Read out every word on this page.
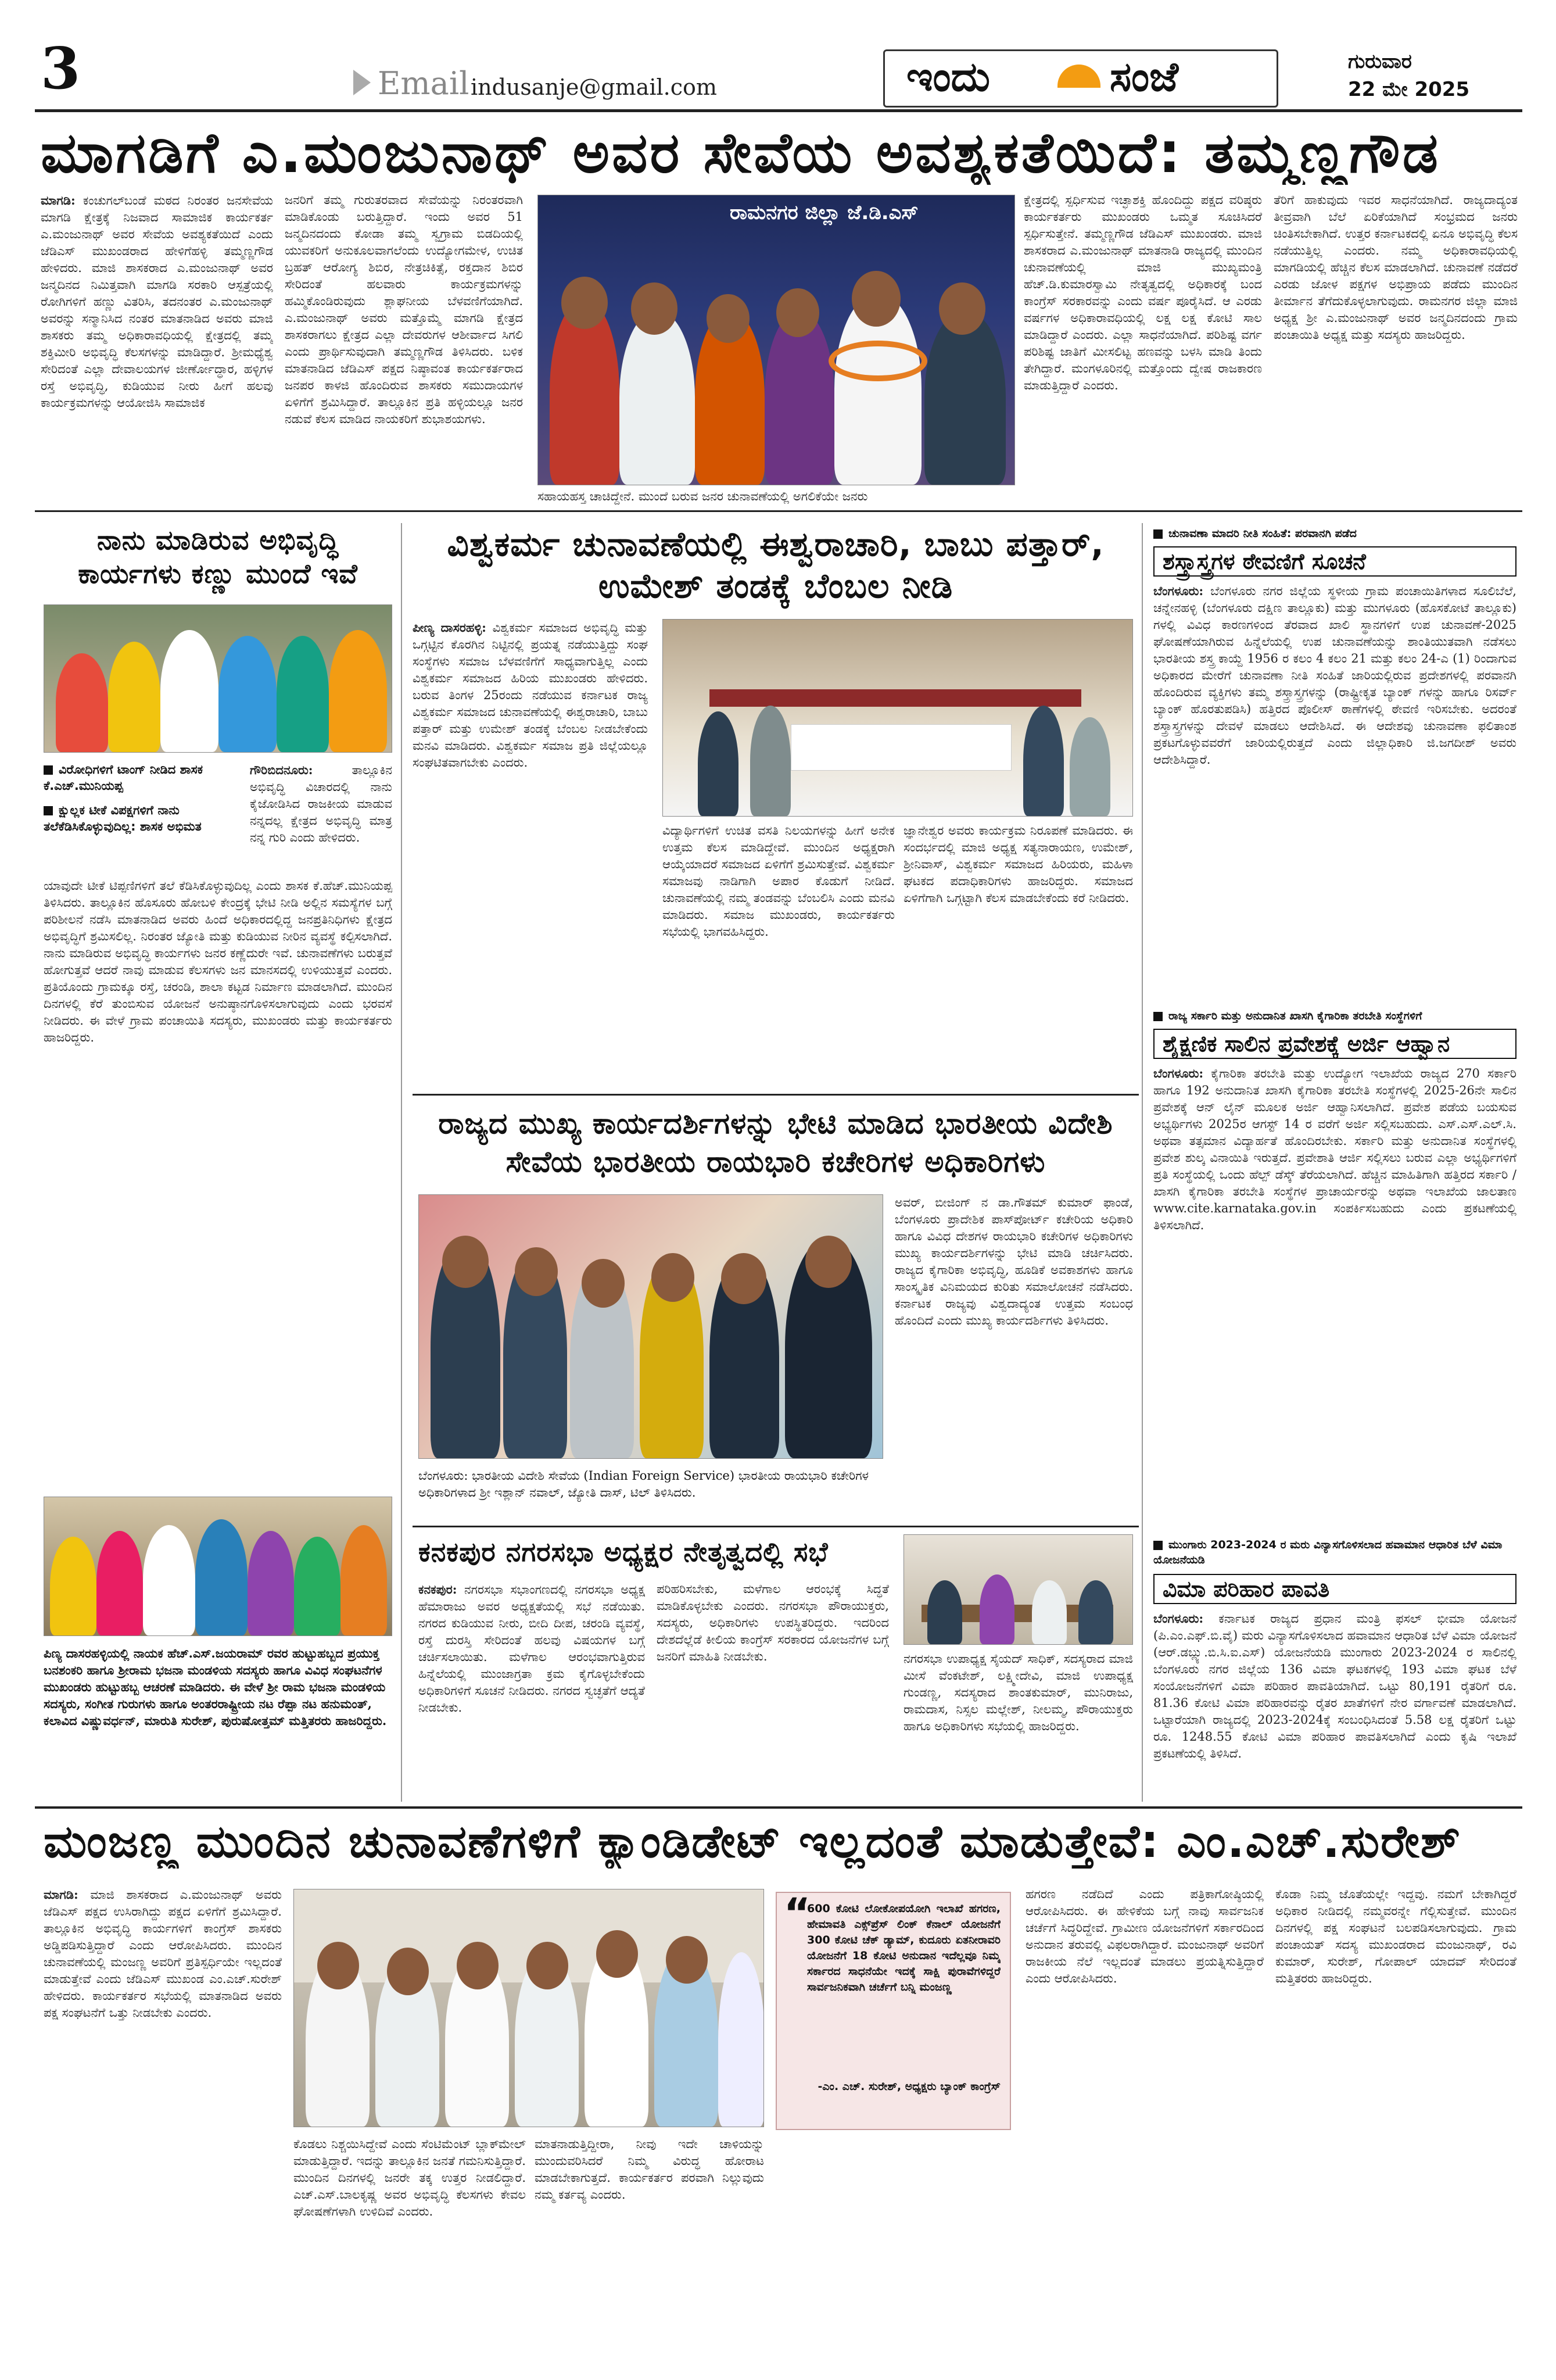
3	Email indusanje@gmail.com	ಇಂದು	ಸಂಜೆ	ಗುರುವಾರ
22 ಮೇ 2025
ಮಾಗಡಿಗೆ ಎ.ಮಂಜುನಾಥ್ ಅವರ ಸೇವೆಯ ಅವಶ್ಯಕತೆಯಿದೆ: ತಮ್ಮಣ್ಣಗೌಡ
ಮಾಗಡಿ: ಕಂಚುಗಲ್‍ಬಂಡೆ ಮಠದ ನಿರಂತರ ಜನಸೇವೆಯ ಮಾಗಡಿ ಕ್ಷೇತ್ರಕ್ಕೆ ನಿಜವಾದ ಸಾಮಾಜಿಕ ಕಾರ್ಯಕರ್ತ ಎ.ಮಂಜುನಾಥ್ ಅವರ ಸೇವೆಯ ಅವಶ್ಯಕತೆಯಿದೆ ಎಂದು ಜೆಡಿಎಸ್ ಮುಖಂಡರಾದ ಹೇಳಿಗೆಹಳ್ಳಿ ತಮ್ಮಣ್ಣಗೌಡ ಹೇಳಿದರು. ಮಾಜಿ ಶಾಸಕರಾದ ಎ.ಮಂಜುನಾಥ್ ಅವರ ಜನ್ಮದಿನದ ನಿಮಿತ್ತವಾಗಿ ಮಾಗಡಿ ಸರಕಾರಿ ಆಸ್ಪತ್ರೆಯಲ್ಲಿ ರೋಗಿಗಳಿಗೆ ಹಣ್ಣು ವಿತರಿಸಿ, ತದನಂತರ ಎ.ಮಂಜುನಾಥ್ ಅವರನ್ನು ಸನ್ಮಾನಿಸಿದ ನಂತರ ಮಾತನಾಡಿದ ಅವರು ಮಾಜಿ ಶಾಸಕರು ತಮ್ಮ ಅಧಿಕಾರಾವಧಿಯಲ್ಲಿ ಕ್ಷೇತ್ರದಲ್ಲಿ ತಮ್ಮ ಶಕ್ತಿಮೀರಿ ಅಭಿವೃದ್ಧಿ ಕೆಲಸಗಳನ್ನು ಮಾಡಿದ್ದಾರೆ. ಶ್ರೀಮಧ್ಯೆಶ್ವ ಸೇರಿದಂತೆ ಎಲ್ಲಾ ದೇವಾಲಯಗಳ ಜೀರ್ಣೋದ್ಧಾರ, ಹಳ್ಳಿಗಳ ರಸ್ತೆ ಅಭಿವೃದ್ಧಿ, ಕುಡಿಯುವ ನೀರು ಹೀಗೆ ಹಲವು ಕಾರ್ಯಕ್ರಮಗಳನ್ನು ಆಯೋಜಿಸಿ ಸಾಮಾಜಿಕ
ಜನರಿಗೆ ತಮ್ಮ ಗುರುತರವಾದ ಸೇವೆಯನ್ನು ನಿರಂತರವಾಗಿ ಮಾಡಿಕೊಂಡು ಬರುತ್ತಿದ್ದಾರೆ. ಇಂದು ಅವರ 51 ಜನ್ಮದಿನದಂದು ಕೋಡಾ ತಮ್ಮ ಸ್ವಗ್ರಾಮ ಬಿಡದಿಯಲ್ಲಿ ಯುವಕರಿಗೆ ಅನುಕೂಲವಾಗಲೆಂದು ಉದ್ಯೋಗಮೇಳ, ಉಚಿತ ಬ್ರಹತ್ ಆರೋಗ್ಯ ಶಿಬಿರ, ನೇತ್ರಚಿಕಿತ್ಸೆ, ರಕ್ತದಾನ ಶಿಬಿರ ಸೇರಿದಂತೆ ಹಲವಾರು ಕಾರ್ಯಕ್ರಮಗಳನ್ನು ಹಮ್ಮಿಕೊಂಡಿರುವುದು ಶ್ಲಾಘನೀಯ ಬೆಳವಣಿಗೆಯಾಗಿದೆ. ಎ.ಮಂಜುನಾಥ್ ಅವರು ಮತ್ತೊಮ್ಮೆ ಮಾಗಡಿ ಕ್ಷೇತ್ರದ ಶಾಸಕರಾಗಲು ಕ್ಷೇತ್ರದ ಎಲ್ಲಾ ದೇವರುಗಳ ಆಶೀರ್ವಾದ ಸಿಗಲಿ ಎಂದು ಪ್ರಾರ್ಥಿಸುವುದಾಗಿ ತಮ್ಮಣ್ಣಗೌಡ ತಿಳಿಸಿದರು. ಬಳಿಕ ಮಾತನಾಡಿದ ಜೆಡಿಎಸ್ ಪಕ್ಷದ ನಿಷ್ಠಾವಂತ ಕಾರ್ಯಕರ್ತರಾದ ಜನಪರ ಕಾಳಜಿ ಹೊಂದಿರುವ ಶಾಸಕರು ಸಮುದಾಯಗಳ ಏಳಿಗೆಗೆ ಶ್ರಮಿಸಿದ್ದಾರೆ. ತಾಲ್ಲೂಕಿನ ಪ್ರತಿ ಹಳ್ಳಿಯಲ್ಲೂ ಜನರ ನಡುವೆ ಕೆಲಸ ಮಾಡಿದ ನಾಯಕರಿಗೆ ಶುಭಾಶಯಗಳು.
ರಾಮನಗರ ಜಿಲ್ಲಾ ಜೆ.ಡಿ.ಎಸ್
ಸಹಾಯಹಸ್ತ ಚಾಚಿದ್ದೇನೆ. ಮುಂದೆ ಬರುವ ಜನರ ಚುನಾವಣೆಯಲ್ಲಿ ಅಗಲಿಕೆಯೇ ಜನರು
ಕ್ಷೇತ್ರದಲ್ಲಿ ಸ್ಪರ್ಧಿಸುವ ಇಚ್ಛಾಶಕ್ತಿ ಹೊಂದಿದ್ದು ಪಕ್ಷದ ವರಿಷ್ಠರು ಕಾರ್ಯಕರ್ತರು ಮುಖಂಡರು ಒಮ್ಮತ ಸೂಚಿಸಿದರೆ ಸ್ಪರ್ಧಿಸುತ್ತೇನೆ. ತಮ್ಮಣ್ಣಗೌಡ ಜೆಡಿಎಸ್ ಮುಖಂಡರು. ಮಾಜಿ ಶಾಸಕರಾದ ಎ.ಮಂಜುನಾಥ್ ಮಾತನಾಡಿ ರಾಜ್ಯದಲ್ಲಿ ಮುಂದಿನ ಚುನಾವಣೆಯಲ್ಲಿ ಮಾಜಿ ಮುಖ್ಯಮಂತ್ರಿ ಹೆಚ್.ಡಿ.ಕುಮಾರಸ್ವಾಮಿ ನೇತೃತ್ವದಲ್ಲಿ ಅಧಿಕಾರಕ್ಕೆ ಬಂದ ಕಾಂಗ್ರೆಸ್ ಸರಕಾರವನ್ನು ಎಂದು ವರ್ಷ ಪೂರೈಸಿದೆ. ಆ ಎರಡು ವರ್ಷಗಳ ಅಧಿಕಾರಾವಧಿಯಲ್ಲಿ ಲಕ್ಷ ಲಕ್ಷ ಕೋಟಿ ಸಾಲ ಮಾಡಿದ್ದಾರೆ ಎಂದರು. ಎಲ್ಲಾ ಸಾಧನೆಯಾಗಿದೆ. ಪರಿಶಿಷ್ಟ ವರ್ಗ ಪರಿಶಿಷ್ಟ ಜಾತಿಗೆ ಮೀಸಲಿಟ್ಟ ಹಣವನ್ನು ಬಳಸಿ ಮಾಡಿ ತಿಂದು ತೇಗಿದ್ದಾರೆ. ಮಂಗಳೂರಿನಲ್ಲಿ ಮತ್ತೊಂದು ದ್ವೇಷ ರಾಜಕಾರಣ ಮಾಡುತ್ತಿದ್ದಾರೆ ಎಂದರು.
ತೆರಿಗೆ ಹಾಕುವುದು ಇವರ ಸಾಧನೆಯಾಗಿದೆ. ರಾಜ್ಯದಾದ್ಯಂತ ತೀವ್ರವಾಗಿ ಬೆಲೆ ಏರಿಕೆಯಾಗಿದೆ ಸಂಭ್ರಮದ ಜನರು ಚಿಂತಿಸಬೇಕಾಗಿದೆ. ಉತ್ತರ ಕರ್ನಾಟಕದಲ್ಲಿ ಏನೂ ಅಭಿವೃದ್ಧಿ ಕೆಲಸ ನಡೆಯುತ್ತಿಲ್ಲ ಎಂದರು. ನಮ್ಮ ಅಧಿಕಾರಾವಧಿಯಲ್ಲಿ ಮಾಗಡಿಯಲ್ಲಿ ಹೆಚ್ಚಿನ ಕೆಲಸ ಮಾಡಲಾಗಿದೆ. ಚುನಾವಣೆ ನಡೆದರೆ ಎರಡು ಜೋಳ ಪಕ್ಷಗಳ ಅಭಿಪ್ರಾಯ ಪಡೆದು ಮುಂದಿನ ತೀರ್ಮಾನ ತೆಗೆದುಕೊಳ್ಳಲಾಗುವುದು. ರಾಮನಗರ ಜಿಲ್ಲಾ ಮಾಜಿ ಅಧ್ಯಕ್ಷ ಶ್ರೀ ಎ.ಮಂಜುನಾಥ್ ಅವರ ಜನ್ಮದಿನದಂದು ಗ್ರಾಮ ಪಂಚಾಯಿತಿ ಅಧ್ಯಕ್ಷ ಮತ್ತು ಸದಸ್ಯರು ಹಾಜರಿದ್ದರು.
ನಾನು ಮಾಡಿರುವ ಅಭಿವೃದ್ಧಿ ಕಾರ್ಯಗಳು ಕಣ್ಣು ಮುಂದೆ ಇವೆ
ವಿರೋಧಿಗಳಿಗೆ ಟಾಂಗ್ ನೀಡಿದ ಶಾಸಕ ಕೆ.ಎಚ್.ಮುನಿಯಪ್ಪ
ಕ್ಷುಲ್ಲಕ ಟೀಕೆ ವಿಪಕ್ಷಗಳಿಗೆ ನಾನು ತಲೆಕೆಡಿಸಿಕೊಳ್ಳುವುದಿಲ್ಲ: ಶಾಸಕ ಅಭಿಮತ
ಗೌರಿಬಿದನೂರು:	ತಾಲ್ಲೂಕಿನ ಅಭಿವೃದ್ಧಿ ವಿಚಾರದಲ್ಲಿ ನಾನು ಕೈಜೋಡಿಸಿದ ರಾಜಕೀಯ ಮಾಡುವ ನನ್ನದಲ್ಲ ಕ್ಷೇತ್ರದ ಅಭಿವೃದ್ಧಿ ಮಾತ್ರ ನನ್ನ ಗುರಿ ಎಂದು ಹೇಳಿದರು.
ಯಾವುದೇ ಟೀಕೆ ಟಿಪ್ಪಣಿಗಳಿಗೆ ತಲೆ ಕೆಡಿಸಿಕೊಳ್ಳುವುದಿಲ್ಲ ಎಂದು ಶಾಸಕ ಕೆ.ಹೆಚ್.ಮುನಿಯಪ್ಪ ತಿಳಿಸಿದರು. ತಾಲ್ಲೂಕಿನ ಹೊಸೂರು ಹೋಬಳಿ ಕೇಂದ್ರಕ್ಕೆ ಭೇಟಿ ನೀಡಿ ಅಲ್ಲಿನ ಸಮಸ್ಯೆಗಳ ಬಗ್ಗೆ ಪರಿಶೀಲನೆ ನಡೆಸಿ ಮಾತನಾಡಿದ ಅವರು ಹಿಂದೆ ಅಧಿಕಾರದಲ್ಲಿದ್ದ ಜನಪ್ರತಿನಿಧಿಗಳು ಕ್ಷೇತ್ರದ ಅಭಿವೃದ್ಧಿಗೆ ಶ್ರಮಿಸಲಿಲ್ಲ. ನಿರಂತರ ಜ್ಯೋತಿ ಮತ್ತು ಕುಡಿಯುವ ನೀರಿನ ವ್ಯವಸ್ಥೆ ಕಲ್ಪಿಸಲಾಗಿದೆ. ನಾನು ಮಾಡಿರುವ ಅಭಿವೃದ್ಧಿ ಕಾರ್ಯಗಳು ಜನರ ಕಣ್ಣೆದುರೇ ಇವೆ. ಚುನಾವಣೆಗಳು ಬರುತ್ತವೆ ಹೋಗುತ್ತವೆ ಆದರೆ ನಾವು ಮಾಡುವ ಕೆಲಸಗಳು ಜನ ಮಾನಸದಲ್ಲಿ ಉಳಿಯುತ್ತವೆ ಎಂದರು. ಪ್ರತಿಯೊಂದು ಗ್ರಾಮಕ್ಕೂ ರಸ್ತೆ, ಚರಂಡಿ, ಶಾಲಾ ಕಟ್ಟಡ ನಿರ್ಮಾಣ ಮಾಡಲಾಗಿದೆ. ಮುಂದಿನ ದಿನಗಳಲ್ಲಿ ಕೆರೆ ತುಂಬಿಸುವ ಯೋಜನೆ ಅನುಷ್ಠಾನಗೊಳಿಸಲಾಗುವುದು ಎಂದು ಭರವಸೆ ನೀಡಿದರು. ಈ ವೇಳೆ ಗ್ರಾಮ ಪಂಚಾಯಿತಿ ಸದಸ್ಯರು, ಮುಖಂಡರು ಮತ್ತು ಕಾರ್ಯಕರ್ತರು ಹಾಜರಿದ್ದರು.
ಪಿಣ್ಯ ದಾಸರಹಳ್ಳಿಯಲ್ಲಿ ನಾಯಕ ಹೆಚ್.ಎಸ್.ಜಯರಾಮ್ ರವರ ಹುಟ್ಟುಹಬ್ಬದ ಪ್ರಯುಕ್ತ ಬನಶಂಕರಿ ಹಾಗೂ ಶ್ರೀರಾಮ ಭಜನಾ ಮಂಡಳಿಯ ಸದಸ್ಯರು ಹಾಗೂ ವಿವಿಧ ಸಂಘಟನೆಗಳ ಮುಖಂಡರು ಹುಟ್ಟುಹಬ್ಬ ಆಚರಣೆ ಮಾಡಿದರು. ಈ ವೇಳೆ ಶ್ರೀ ರಾಮ ಭಜನಾ ಮಂಡಳಿಯ ಸದಸ್ಯರು, ಸಂಗೀತ ಗುರುಗಳು ಹಾಗೂ ಅಂತರರಾಷ್ಟ್ರೀಯ ನಟ ರೆಪ್ಪಾ ನಟ ಹನುಮಂತ್, ಕಲಾವಿದ ವಿಷ್ಣುವರ್ಧನ್, ಮಾರುತಿ ಸುರೇಶ್, ಪುರುಷೋತ್ತಮ್ ಮತ್ತಿತರರು ಹಾಜರಿದ್ದರು.
ವಿಶ್ವಕರ್ಮ ಚುನಾವಣೆಯಲ್ಲಿ ಈಶ್ವರಾಚಾರಿ, ಬಾಬು ಪತ್ತಾರ್, ಉಮೇಶ್ ತಂಡಕ್ಕೆ ಬೆಂಬಲ ನೀಡಿ
ಪೀಣ್ಯ ದಾಸರಹಳ್ಳಿ: ವಿಶ್ವಕರ್ಮ ಸಮಾಜದ ಅಭಿವೃದ್ಧಿ ಮತ್ತು ಒಗ್ಗಟ್ಟಿನ ಕೊರಗಿನ ನಿಟ್ಟಿನಲ್ಲಿ ಪ್ರಯತ್ನ ನಡೆಯುತ್ತಿದ್ದು ಸಂಘ ಸಂಸ್ಥೆಗಳು ಸಮಾಜ ಬೆಳವಣಿಗೆಗೆ ಸಾಧ್ಯವಾಗುತ್ತಿಲ್ಲ ಎಂದು ವಿಶ್ವಕರ್ಮ ಸಮಾಜದ ಹಿರಿಯ ಮುಖಂಡರು ಹೇಳಿದರು. ಬರುವ ತಿಂಗಳ 25ರಂದು ನಡೆಯುವ ಕರ್ನಾಟಕ ರಾಜ್ಯ ವಿಶ್ವಕರ್ಮ ಸಮಾಜದ ಚುನಾವಣೆಯಲ್ಲಿ ಈಶ್ವರಾಚಾರಿ, ಬಾಬು ಪತ್ತಾರ್ ಮತ್ತು ಉಮೇಶ್ ತಂಡಕ್ಕೆ ಬೆಂಬಲ ನೀಡಬೇಕೆಂದು ಮನವಿ ಮಾಡಿದರು. ವಿಶ್ವಕರ್ಮ ಸಮಾಜ ಪ್ರತಿ ಜಿಲ್ಲೆಯಲ್ಲೂ ಸಂಘಟಿತವಾಗಬೇಕು ಎಂದರು.
ವಿದ್ಯಾರ್ಥಿಗಳಿಗೆ ಉಚಿತ ವಸತಿ ನಿಲಯಗಳನ್ನು ಹೀಗೆ ಅನೇಕ ಉತ್ತಮ ಕೆಲಸ ಮಾಡಿದ್ದೇವೆ. ಮುಂದಿನ ಅಧ್ಯಕ್ಷರಾಗಿ ಆಯ್ಕೆಯಾದರೆ ಸಮಾಜದ ಏಳಿಗೆಗೆ ಶ್ರಮಿಸುತ್ತೇವೆ. ವಿಶ್ವಕರ್ಮ ಸಮಾಜವು ನಾಡಿಗಾಗಿ ಅಪಾರ ಕೊಡುಗೆ ನೀಡಿದೆ. ಚುನಾವಣೆಯಲ್ಲಿ ನಮ್ಮ ತಂಡವನ್ನು ಬೆಂಬಲಿಸಿ ಎಂದು ಮನವಿ ಮಾಡಿದರು. ಸಮಾಜ ಮುಖಂಡರು, ಕಾರ್ಯಕರ್ತರು ಸಭೆಯಲ್ಲಿ ಭಾಗವಹಿಸಿದ್ದರು.
ಜ್ಞಾನೇಶ್ವರ ಅವರು ಕಾರ್ಯಕ್ರಮ ನಿರೂಪಣೆ ಮಾಡಿದರು. ಈ ಸಂದರ್ಭದಲ್ಲಿ ಮಾಜಿ ಅಧ್ಯಕ್ಷ ಸತ್ಯನಾರಾಯಣ, ಉಮೇಶ್, ಶ್ರೀನಿವಾಸ್, ವಿಶ್ವಕರ್ಮ ಸಮಾಜದ ಹಿರಿಯರು, ಮಹಿಳಾ ಘಟಕದ ಪದಾಧಿಕಾರಿಗಳು ಹಾಜರಿದ್ದರು. ಸಮಾಜದ ಏಳಿಗೆಗಾಗಿ ಒಗ್ಗಟ್ಟಾಗಿ ಕೆಲಸ ಮಾಡಬೇಕೆಂದು ಕರೆ ನೀಡಿದರು.
ರಾಜ್ಯದ ಮುಖ್ಯ ಕಾರ್ಯದರ್ಶಿಗಳನ್ನು ಭೇಟಿ ಮಾಡಿದ ಭಾರತೀಯ ವಿದೇಶಿ ಸೇವೆಯ ಭಾರತೀಯ ರಾಯಭಾರಿ ಕಚೇರಿಗಳ ಅಧಿಕಾರಿಗಳು
ಅವರ್, ಬೀಜಿಂಗ್ ನ ಡಾ.ಗೌತಮ್ ಕುಮಾರ್ ಫಾಂಡೆ, ಬೆಂಗಳೂರು ಪ್ರಾದೇಶಿಕ ಪಾಸ್‍ಪೋರ್ಟ್ ಕಚೇರಿಯ ಅಧಿಕಾರಿ ಹಾಗೂ ವಿವಿಧ ದೇಶಗಳ ರಾಯಭಾರಿ ಕಚೇರಿಗಳ ಅಧಿಕಾರಿಗಳು ಮುಖ್ಯ ಕಾರ್ಯದರ್ಶಿಗಳನ್ನು ಭೇಟಿ ಮಾಡಿ ಚರ್ಚಿಸಿದರು. ರಾಜ್ಯದ ಕೈಗಾರಿಕಾ ಅಭಿವೃದ್ಧಿ, ಹೂಡಿಕೆ ಅವಕಾಶಗಳು ಹಾಗೂ ಸಾಂಸ್ಕೃತಿಕ ವಿನಿಮಯದ ಕುರಿತು ಸಮಾಲೋಚನೆ ನಡೆಸಿದರು. ಕರ್ನಾಟಕ ರಾಜ್ಯವು ವಿಶ್ವದಾದ್ಯಂತ ಉತ್ತಮ ಸಂಬಂಧ ಹೊಂದಿದೆ ಎಂದು ಮುಖ್ಯ ಕಾರ್ಯದರ್ಶಿಗಳು ತಿಳಿಸಿದರು.
ಬೆಂಗಳೂರು: ಭಾರತೀಯ ವಿದೇಶಿ ಸೇವೆಯ (Indian Foreign Service) ಭಾರತೀಯ ರಾಯಭಾರಿ ಕಚೇರಿಗಳ ಅಧಿಕಾರಿಗಳಾದ ಶ್ರೀ ಇಶ್ಲಾನ್ ನವಾಲ್, ಜ್ಯೋತಿ ದಾಸ್, ಟಿಲ್ ತಿಳಿಸಿದರು.
ಕನಕಪುರ ನಗರಸಭಾ ಅಧ್ಯಕ್ಷರ ನೇತೃತ್ವದಲ್ಲಿ ಸಭೆ
ಕನಕಪುರ: ನಗರಸಭಾ ಸಭಾಂಗಣದಲ್ಲಿ ನಗರಸಭಾ ಅಧ್ಯಕ್ಷ ಹೆಮಾರಾಜು ಅವರ ಅಧ್ಯಕ್ಷತೆಯಲ್ಲಿ ಸಭೆ ನಡೆಯಿತು. ನಗರದ ಕುಡಿಯುವ ನೀರು, ಬೀದಿ ದೀಪ, ಚರಂಡಿ ವ್ಯವಸ್ಥೆ, ರಸ್ತೆ ದುರಸ್ತಿ ಸೇರಿದಂತೆ ಹಲವು ವಿಷಯಗಳ ಬಗ್ಗೆ ಚರ್ಚಿಸಲಾಯಿತು. ಮಳೆಗಾಲ ಆರಂಭವಾಗುತ್ತಿರುವ ಹಿನ್ನೆಲೆಯಲ್ಲಿ ಮುಂಜಾಗ್ರತಾ ಕ್ರಮ ಕೈಗೊಳ್ಳಬೇಕೆಂದು ಅಧಿಕಾರಿಗಳಿಗೆ ಸೂಚನೆ ನೀಡಿದರು. ನಗರದ ಸ್ವಚ್ಛತೆಗೆ ಆದ್ಯತೆ ನೀಡಬೇಕು.
ಪರಿಹರಿಸಬೇಕು, ಮಳೆಗಾಲ ಆರಂಭಕ್ಕೆ ಸಿದ್ಧತೆ ಮಾಡಿಕೊಳ್ಳಬೇಕು ಎಂದರು. ನಗರಸಭಾ ಪೌರಾಯುಕ್ತರು, ಸದಸ್ಯರು, ಅಧಿಕಾರಿಗಳು ಉಪಸ್ಥಿತರಿದ್ದರು. ಇದರಿಂದ ದೇಶದೆಲ್ಲೆಡೆ ಕೀಲಿಯ ಕಾಂಗ್ರೆಸ್ ಸರಕಾರದ ಯೋಜನೆಗಳ ಬಗ್ಗೆ ಜನರಿಗೆ ಮಾಹಿತಿ ನೀಡಬೇಕು.	ನಗರಸಭಾ ಉಪಾಧ್ಯಕ್ಷ ಸೈಯದ್ ಸಾಧಿಕ್, ಸದಸ್ಯರಾದ ಮಾಜಿ ಮೀಸೆ ವೆಂಕಟೇಶ್, ಲಕ್ಷ್ಮೀದೇವಿ, ಮಾಜಿ ಉಪಾಧ್ಯಕ್ಷ ಗುಂಡಣ್ಣ, ಸದಸ್ಯರಾದ ಶಾಂತಕುಮಾರ್, ಮುನಿರಾಜು, ರಾಮದಾಸ, ನಿಸ್ಸಲ ಮಲ್ಲೇಶ್, ನೀಲಮ್ಮ, ಪೌರಾಯುಕ್ತರು ಹಾಗೂ ಅಧಿಕಾರಿಗಳು ಸಭೆಯಲ್ಲಿ ಹಾಜರಿದ್ದರು.
ಚುನಾವಣಾ ಮಾದರಿ ನೀತಿ ಸಂಹಿತೆ: ಪರವಾನಗಿ ಪಡೆದ
ಶಸ್ತ್ರಾಸ್ತ್ರಗಳ ಠೇವಣಿಗೆ ಸೂಚನೆ
ಬೆಂಗಳೂರು: ಬೆಂಗಳೂರು ನಗರ ಜಿಲ್ಲೆಯ ಸ್ಥಳೀಯ ಗ್ರಾಮ ಪಂಚಾಯಿತಿಗಳಾದ ಸೂಲಿಬೆಲೆ, ಚನ್ನೇನಹಳ್ಳಿ (ಬೆಂಗಳೂರು ದಕ್ಷಿಣ ತಾಲ್ಲೂಕು) ಮತ್ತು ಮುಗಳೂರು (ಹೊಸಕೋಟೆ ತಾಲ್ಲೂಕು) ಗಳಲ್ಲಿ ವಿವಿಧ ಕಾರಣಗಳಿಂದ ತೆರವಾದ ಖಾಲಿ ಸ್ಥಾನಗಳಿಗೆ ಉಪ ಚುನಾವಣೆ-2025 ಘೋಷಣೆಯಾಗಿರುವ ಹಿನ್ನೆಲೆಯಲ್ಲಿ ಉಪ ಚುನಾವಣೆಯನ್ನು ಶಾಂತಿಯುತವಾಗಿ ನಡೆಸಲು ಭಾರತೀಯ ಶಸ್ತ್ರ ಕಾಯ್ದೆ 1956 ರ ಕಲಂ 4 ಕಲಂ 21 ಮತ್ತು ಕಲಂ 24-ಎ (1) ರಿಂದಾಗುವ ಅಧಿಕಾರದ ಮೇರೆಗೆ ಚುನಾವಣಾ ನೀತಿ ಸಂಹಿತೆ ಜಾರಿಯಲ್ಲಿರುವ ಪ್ರದೇಶಗಳಲ್ಲಿ ಪರವಾನಗಿ ಹೊಂದಿರುವ ವ್ಯಕ್ತಿಗಳು ತಮ್ಮ ಶಸ್ತ್ರಾಸ್ತ್ರಗಳನ್ನು (ರಾಷ್ಟ್ರೀಕೃತ ಬ್ಯಾಂಕ್ ಗಳನ್ನು ಹಾಗೂ ರಿಸರ್ವ್ ಬ್ಯಾಂಕ್ ಹೊರತುಪಡಿಸಿ) ಹತ್ತಿರದ ಪೊಲೀಸ್ ಠಾಣೆಗಳಲ್ಲಿ ಠೇವಣಿ ಇರಿಸಬೇಕು. ಅದರಂತೆ ಶಸ್ತ್ರಾಸ್ತ್ರಗಳನ್ನು ದೇವಳೆ ಮಾಡಲು ಆದೇಶಿಸಿದೆ. ಈ ಆದೇಶವು ಚುನಾವಣಾ ಫಲಿತಾಂಶ ಪ್ರಕಟಗೊಳ್ಳುವವರೆಗೆ ಜಾರಿಯಲ್ಲಿರುತ್ತದೆ ಎಂದು ಜಿಲ್ಲಾಧಿಕಾರಿ ಜಿ.ಜಗದೀಶ್ ಅವರು ಆದೇಶಿಸಿದ್ದಾರೆ.
ರಾಜ್ಯ ಸರ್ಕಾರಿ ಮತ್ತು ಅನುದಾನಿತ ಖಾಸಗಿ ಕೈಗಾರಿಕಾ ತರಬೇತಿ ಸಂಸ್ಥೆಗಳಿಗೆ
ಶೈಕ್ಷಣಿಕ ಸಾಲಿನ ಪ್ರವೇಶಕ್ಕೆ ಅರ್ಜಿ ಆಹ್ವಾನ
ಬೆಂಗಳೂರು: ಕೈಗಾರಿಕಾ ತರಬೇತಿ ಮತ್ತು ಉದ್ಯೋಗ ಇಲಾಖೆಯ ರಾಜ್ಯದ 270 ಸರ್ಕಾರಿ ಹಾಗೂ 192 ಅನುದಾನಿತ ಖಾಸಗಿ ಕೈಗಾರಿಕಾ ತರಬೇತಿ ಸಂಸ್ಥೆಗಳಲ್ಲಿ 2025-26ನೇ ಸಾಲಿನ ಪ್ರವೇಶಕ್ಕೆ ಆನ್ ಲೈನ್ ಮೂಲಕ ಅರ್ಜಿ ಆಹ್ವಾನಿಸಲಾಗಿದೆ. ಪ್ರವೇಶ ಪಡೆಯ ಬಯಸುವ ಅಭ್ಯರ್ಥಿಗಳು 2025ರ ಆಗಸ್ಟ್ 14 ರ ವರೆಗೆ ಅರ್ಜಿ ಸಲ್ಲಿಸಬಹುದು. ಎಸ್.ಎಸ್.ಎಲ್.ಸಿ. ಅಥವಾ ತತ್ಸಮಾನ ವಿದ್ಯಾರ್ಹತೆ ಹೊಂದಿರಬೇಕು. ಸರ್ಕಾರಿ ಮತ್ತು ಅನುದಾನಿತ ಸಂಸ್ಥೆಗಳಲ್ಲಿ ಪ್ರವೇಶ ಶುಲ್ಕ ವಿನಾಯಿತಿ ಇರುತ್ತದೆ. ಪ್ರವೇಶಾತಿ ಆರ್ಜಿ ಸಲ್ಲಿಸಲು ಬರುವ ಎಲ್ಲಾ ಅಭ್ಯರ್ಥಿಗಳಿಗೆ ಪ್ರತಿ ಸಂಸ್ಥೆಯಲ್ಲಿ ಒಂದು ಹೆಲ್ಪ್ ಡೆಸ್ಕ್ ತೆರೆಯಲಾಗಿದೆ. ಹೆಚ್ಚಿನ ಮಾಹಿತಿಗಾಗಿ ಹತ್ತಿರದ ಸರ್ಕಾರಿ / ಖಾಸಗಿ ಕೈಗಾರಿಕಾ ತರಬೇತಿ ಸಂಸ್ಥೆಗಳ ಪ್ರಾಚಾರ್ಯರನ್ನು ಅಥವಾ ಇಲಾಖೆಯ ಜಾಲತಾಣ www.cite.karnataka.gov.in ಸಂಪರ್ಕಿಸಬಹುದು ಎಂದು ಪ್ರಕಟಣೆಯಲ್ಲಿ ತಿಳಿಸಲಾಗಿದೆ.
ಮುಂಗಾರು 2023-2024 ರ ಮರು ವಿನ್ಯಾಸಗೊಳಿಸಲಾದ ಹವಾಮಾನ ಆಧಾರಿತ ಬೆಳೆ ವಿಮಾ ಯೋಜನೆಯಡಿ
ವಿಮಾ ಪರಿಹಾರ ಪಾವತಿ
ಬೆಂಗಳೂರು: ಕರ್ನಾಟಕ ರಾಜ್ಯದ ಪ್ರಧಾನ ಮಂತ್ರಿ ಫಸಲ್ ಭೀಮಾ ಯೋಜನೆ (ಪಿ.ಎಂ.ಎಫ್.ಬಿ.ವೈ) ಮರು ವಿನ್ಯಾಸಗೊಳಿಸಲಾದ ಹವಾಮಾನ ಆಧಾರಿತ ಬೆಳೆ ವಿಮಾ ಯೋಜನೆ (ಆರ್.ಡಬ್ಲ್ಯು.ಬಿ.ಸಿ.ಐ.ಎಸ್) ಯೋಜನೆಯಡಿ ಮುಂಗಾರು 2023-2024 ರ ಸಾಲಿನಲ್ಲಿ ಬೆಂಗಳೂರು ನಗರ ಜಿಲ್ಲೆಯ 136 ವಿಮಾ ಘಟಕಗಳಲ್ಲಿ 193 ವಿಮಾ ಘಟಕ ಬೆಳೆ ಸಂಯೋಜನೆಗಳಿಗೆ ವಿಮಾ ಪರಿಹಾರ ಪಾವತಿಯಾಗಿದೆ. ಒಟ್ಟು 80,191 ರೈತರಿಗೆ ರೂ. 81.36 ಕೋಟಿ ವಿಮಾ ಪರಿಹಾರವನ್ನು ರೈತರ ಖಾತೆಗಳಿಗೆ ನೇರ ವರ್ಗಾವಣೆ ಮಾಡಲಾಗಿದೆ. ಒಟ್ಟಾರೆಯಾಗಿ ರಾಜ್ಯದಲ್ಲಿ 2023-2024ಕ್ಕೆ ಸಂಬಂಧಿಸಿದಂತೆ 5.58 ಲಕ್ಷ ರೈತರಿಗೆ ಒಟ್ಟು ರೂ. 1248.55 ಕೋಟಿ ವಿಮಾ ಪರಿಹಾರ ಪಾವತಿಸಲಾಗಿದೆ ಎಂದು ಕೃಷಿ ಇಲಾಖೆ ಪ್ರಕಟಣೆಯಲ್ಲಿ ತಿಳಿಸಿದೆ.
ಮಂಜಣ್ಣ ಮುಂದಿನ ಚುನಾವಣೆಗಳಿಗೆ ಕ್ಯಾಂಡಿಡೇಟ್ ಇಲ್ಲದಂತೆ ಮಾಡುತ್ತೇವೆ: ಎಂ.ಎಚ್.ಸುರೇಶ್
ಮಾಗಡಿ: ಮಾಜಿ ಶಾಸಕರಾದ ಎ.ಮಂಜುನಾಥ್ ಅವರು ಜೆಡಿಎಸ್ ಪಕ್ಷದ ಉಸಿರಾಗಿದ್ದು ಪಕ್ಷದ ಏಳಿಗೆಗೆ ಶ್ರಮಿಸಿದ್ದಾರೆ. ತಾಲ್ಲೂಕಿನ ಅಭಿವೃದ್ಧಿ ಕಾರ್ಯಗಳಿಗೆ ಕಾಂಗ್ರೆಸ್ ಶಾಸಕರು ಅಡ್ಡಿಪಡಿಸುತ್ತಿದ್ದಾರೆ ಎಂದು ಆರೋಪಿಸಿದರು. ಮುಂದಿನ ಚುನಾವಣೆಯಲ್ಲಿ ಮಂಜಣ್ಣ ಅವರಿಗೆ ಪ್ರತಿಸ್ಪರ್ಧಿಯೇ ಇಲ್ಲದಂತೆ ಮಾಡುತ್ತೇವೆ ಎಂದು ಜೆಡಿಎಸ್ ಮುಖಂಡ ಎಂ.ಎಚ್.ಸುರೇಶ್ ಹೇಳಿದರು. ಕಾರ್ಯಕರ್ತರ ಸಭೆಯಲ್ಲಿ ಮಾತನಾಡಿದ ಅವರು ಪಕ್ಷ ಸಂಘಟನೆಗೆ ಒತ್ತು ನೀಡಬೇಕು ಎಂದರು.
ಕೊಡಲು ನಿಶ್ಚಯಿಸಿದ್ದೇವೆ ಎಂದು ಸೆಂಟಿಮೆಂಟ್ ಬ್ಲಾಕ್‍ಮೇಲ್ ಮಾಡುತ್ತಿದ್ದಾರೆ. ಇದನ್ನು ತಾಲ್ಲೂಕಿನ ಜನತೆ ಗಮನಿಸುತ್ತಿದ್ದಾರೆ. ಮುಂದಿನ ದಿನಗಳಲ್ಲಿ ಜನರೇ ತಕ್ಕ ಉತ್ತರ ನೀಡಲಿದ್ದಾರೆ. ಎಚ್.ಎಸ್.ಬಾಲಕೃಷ್ಣ ಅವರ ಅಭಿವೃದ್ಧಿ ಕೆಲಸಗಳು ಕೇವಲ ಘೋಷಣೆಗಳಾಗಿ ಉಳಿದಿವೆ ಎಂದರು.
ಮಾತನಾಡುತ್ತಿದ್ದೀರಾ, ನೀವು ಇದೇ ಚಾಳಿಯನ್ನು ಮುಂದುವರಿಸಿದರೆ ನಿಮ್ಮ ವಿರುದ್ಧ ಹೋರಾಟ ಮಾಡಬೇಕಾಗುತ್ತದೆ. ಕಾರ್ಯಕರ್ತರ ಪರವಾಗಿ ನಿಲ್ಲುವುದು ನಮ್ಮ ಕರ್ತವ್ಯ ಎಂದರು.
“
600 ಕೋಟಿ ಲೋಕೋಪಯೋಗಿ ಇಲಾಖೆ ಹಗರಣ, ಹೇಮಾವತಿ ಎಕ್ಸ್‌ಪ್ರೆಸ್ ಲಿಂಕ್ ಕೆನಾಲ್ ಯೋಜನೆಗೆ 300 ಕೋಟಿ ಚೆಕ್ ಡ್ಯಾಮ್, ಕುದೂರು ಏತನೀರಾವರಿ ಯೋಜನೆಗೆ 18 ಕೋಟಿ ಅನುದಾನ ಇದೆಲ್ಲವೂ ನಿಮ್ಮ ಸರ್ಕಾರದ ಸಾಧನೆಯೇ ಇದಕ್ಕೆ ಸಾಕ್ಷಿ ಪುರಾವೆಗಳಿದ್ದರೆ ಸಾರ್ವಜನಿಕವಾಗಿ ಚರ್ಚೆಗೆ ಬನ್ನಿ ಮಂಜಣ್ಣ
-ಎಂ. ಎಚ್. ಸುರೇಶ್, ಅಧ್ಯಕ್ಷರು ಬ್ಯಾಂಕ್ ಕಾಂಗ್ರೆಸ್
ಹಗರಣ ನಡೆದಿದೆ ಎಂದು ಪತ್ರಿಕಾಗೋಷ್ಠಿಯಲ್ಲಿ ಆರೋಪಿಸಿದರು. ಈ ಹೇಳಿಕೆಯ ಬಗ್ಗೆ ನಾವು ಸಾರ್ವಜನಿಕ ಚರ್ಚೆಗೆ ಸಿದ್ಧರಿದ್ದೇವೆ. ಗ್ರಾಮೀಣ ಯೋಜನೆಗಳಿಗೆ ಸರ್ಕಾರದಿಂದ ಅನುದಾನ ತರುವಲ್ಲಿ ವಿಫಲರಾಗಿದ್ದಾರೆ. ಮಂಜುನಾಥ್ ಅವರಿಗೆ ರಾಜಕೀಯ ನೆಲೆ ಇಲ್ಲದಂತೆ ಮಾಡಲು ಪ್ರಯತ್ನಿಸುತ್ತಿದ್ದಾರೆ ಎಂದು ಆರೋಪಿಸಿದರು.
ಕೊಡಾ ನಿಮ್ಮ ಜೊತೆಯಲ್ಲೇ ಇದ್ದವು. ನಮಗೆ ಬೇಕಾಗಿದ್ದರೆ ಅಧಿಕಾರ ನೀಡಿದಲ್ಲಿ ನಮ್ಮವರನ್ನೇ ಗೆಲ್ಲಿಸುತ್ತೇವೆ. ಮುಂದಿನ ದಿನಗಳಲ್ಲಿ ಪಕ್ಷ ಸಂಘಟನೆ ಬಲಪಡಿಸಲಾಗುವುದು. ಗ್ರಾಮ ಪಂಚಾಯತ್ ಸದಸ್ಯ ಮುಖಂಡರಾದ ಮಂಜುನಾಥ್, ರವಿ ಕುಮಾರ್, ಸುರೇಶ್, ಗೋಪಾಲ್ ಯಾದವ್ ಸೇರಿದಂತೆ ಮತ್ತಿತರರು ಹಾಜರಿದ್ದರು.
